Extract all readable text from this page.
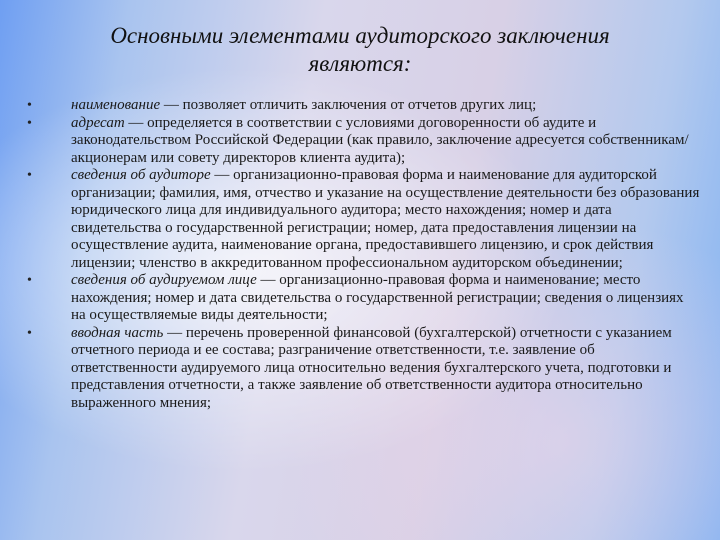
Основными элементами аудиторского заключения
являются:
•	наименование — позволяет отличить заключения от отчетов других лиц;
•	адресат — определяется в соответствии с условиями договоренности об аудите и законодательством Российской Федерации (как правило, заключение адресуется собственникам/акционерам или совету директоров клиента аудита);
•	сведения об аудиторе — организационно-правовая форма и наименование для аудиторской организации; фамилия, имя, отчество и указание на осуществление деятельности без образования юридического лица для индивидуального аудитора; место нахождения; номер и дата свидетельства о государственной регистрации; номер, дата предоставления лицензии на осуществление аудита, наименование органа, предоставившего лицензию, и срок действия лицензии; членство в аккредитованном профессиональном аудиторском объединении;
•	сведения об аудируемом лице — организационно-правовая форма и наименование; место нахождения; номер и дата свидетельства о государственной регистрации; сведения о лицензиях на осуществляемые виды деятельности;
•	вводная часть — перечень проверенной финансовой (бухгалтерской) отчетности с указанием отчетного периода и ее состава; разграничение ответственности, т.е. заявление об ответственности аудируемого лица относительно ведения бухгалтерского учета, подготовки и представления отчетности, а также заявление об ответственности аудитора относительно выраженного мнения;
